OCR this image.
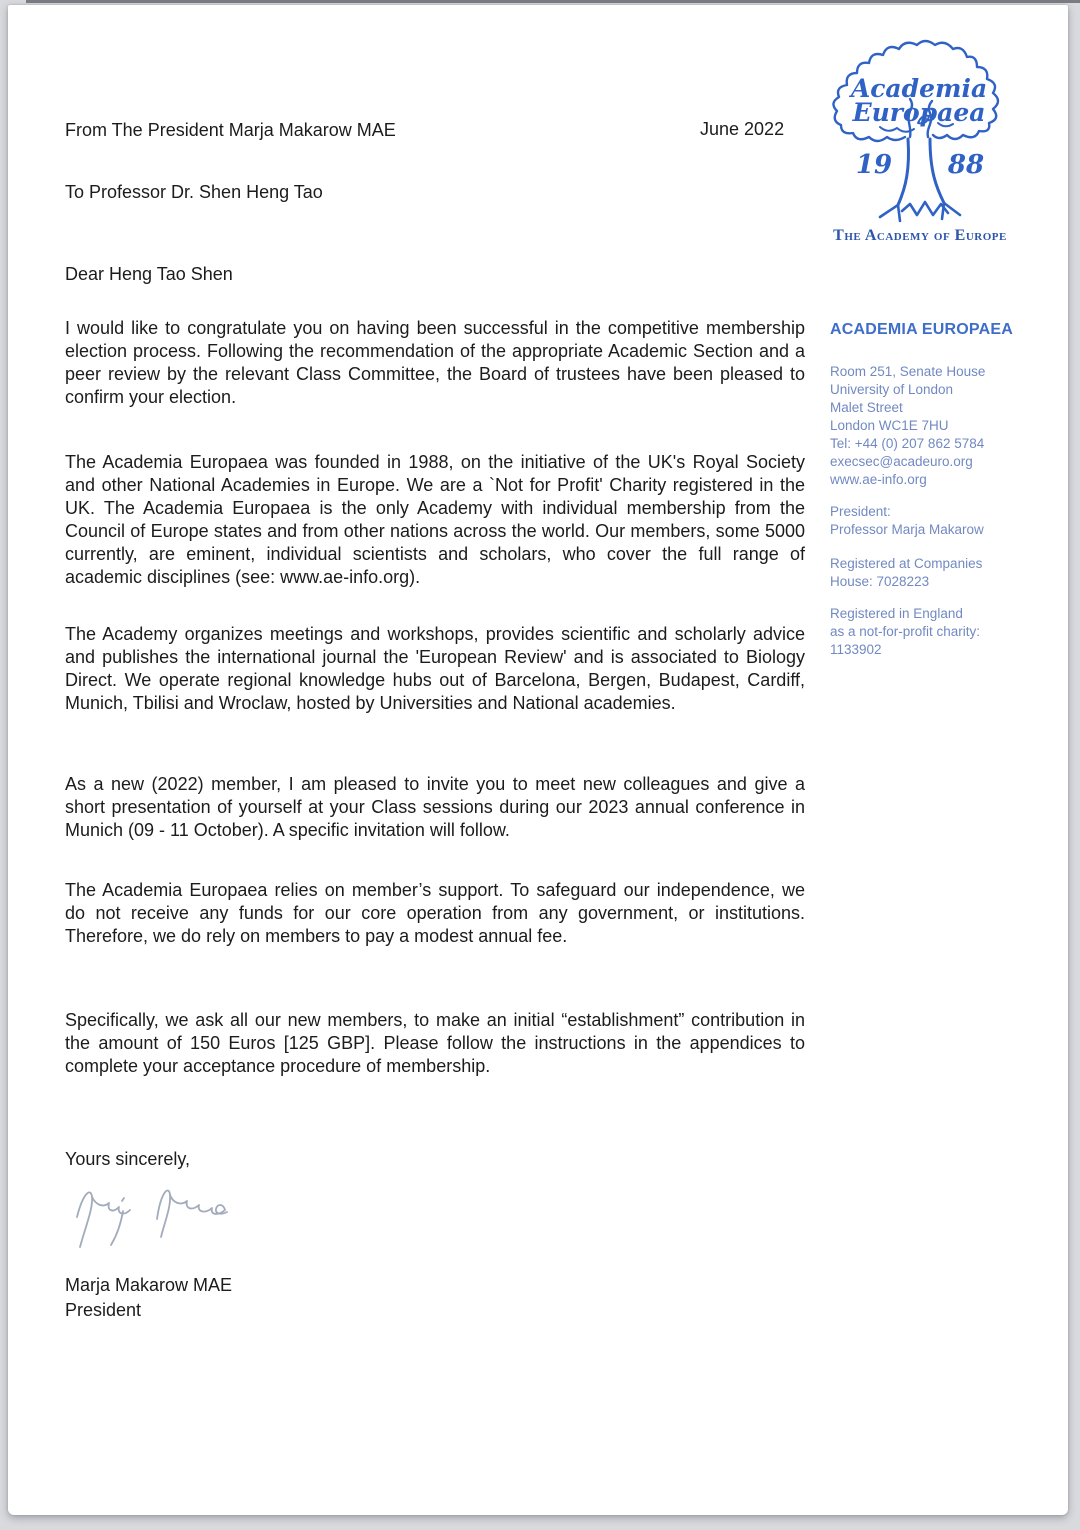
From The President Marja Makarow MAE	June 2022
To Professor Dr. Shen Heng Tao
Dear Heng Tao Shen
I would like to congratulate you on having been successful in the competitive membership election process. Following the recommendation of the appropriate Academic Section and a peer review by the relevant Class Committee, the Board of trustees have been pleased to confirm your election.
The Academia Europaea was founded in 1988, on the initiative of the UK's Royal Society and other National Academies in Europe. We are a `Not for Profit' Charity registered in the UK. The Academia Europaea is the only Academy with individual membership from the Council of Europe states and from other nations across the world. Our members, some 5000 currently, are eminent, individual scientists and scholars, who cover the full range of academic disciplines (see: www.ae-info.org).
The Academy organizes meetings and workshops, provides scientific and scholarly advice and publishes the international journal the 'European Review' and is associated to Biology Direct. We operate regional knowledge hubs out of Barcelona, Bergen, Budapest, Cardiff, Munich, Tbilisi and Wroclaw, hosted by Universities and National academies.
As a new (2022) member, I am pleased to invite you to meet new colleagues and give a short presentation of yourself at your Class sessions during our 2023 annual conference in Munich (09 - 11 October). A specific invitation will follow.
The Academia Europaea relies on member’s support. To safeguard our independence, we do not receive any funds for our core operation from any government, or institutions. Therefore, we do rely on members to pay a modest annual fee.
Specifically, we ask all our new members, to make an initial “establishment” contribution in the amount of 150 Euros [125 GBP]. Please follow the instructions in the appendices to complete your acceptance procedure of membership.
Yours sincerely,
Marja Makarow MAE
President
Academia
Europaea
19 88
The Academy of Europe
ACADEMIA EUROPAEA
Room 251, Senate House
University of London
Malet Street
London WC1E 7HU
Tel: +44 (0) 207 862 5784
execsec@acadeuro.org
www.ae-info.org
President:
Professor Marja Makarow
Registered at Companies
House: 7028223
Registered in England
as a not-for-profit charity:
1133902
